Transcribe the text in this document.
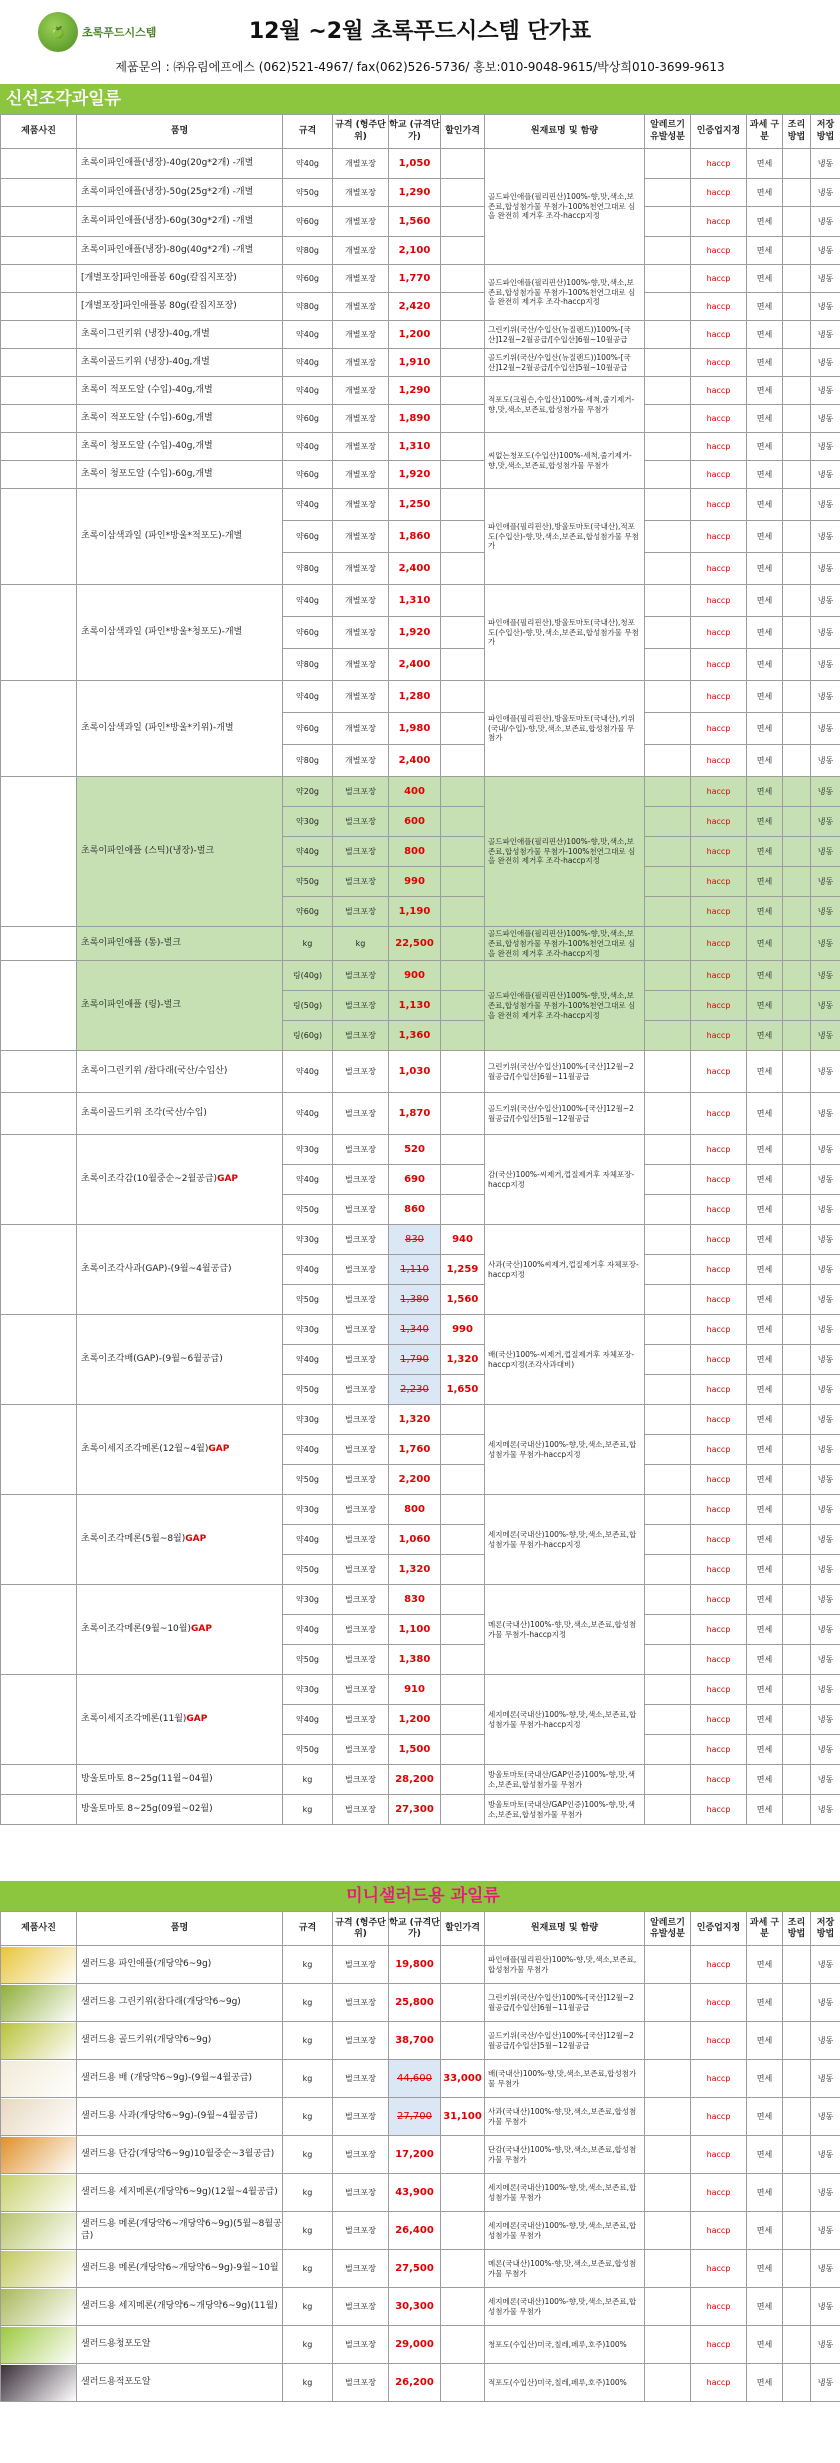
🍏	초록푸드시스템	12월 ~2월 초록푸드시스템 단가표
제품문의 : ㈜유림에프에스 (062)521-4967/ fax(062)526-5736/ 홍보:010-9048-9615/박상희010-3699-9613
신선조각과일류
제품사진	품명	규격	규격 (형주단위)	학교 (규격단가)	할인가격	원재료명 및 함량	알레르기 유발성분	인증업지정	과세 구분	조리 방법	저장 방법

	초록이파인애플(냉장)-40g(20g*2개) -개별	약40g	개별포장	1,050		골드파인애플(필리핀산)100%-향,맛,색소,보존료,합성첨가물 무첨가-100%천연그대로 심을 완전히 제거후 조각-haccp지정		haccp	면세		냉동

	초록이파인애플(냉장)-50g(25g*2개) -개별	약50g	개별포장	1,290				haccp	면세		냉동

	초록이파인애플(냉장)-60g(30g*2개) -개별	약60g	개별포장	1,560				haccp	면세		냉동

	초록이파인애플(냉장)-80g(40g*2개) -개별	약80g	개별포장	2,100				haccp	면세		냉동

	[개별포장]파인애플봉 60g(칼집지포장)	약60g	개별포장	1,770		골드파인애플(필리핀산)100%-향,맛,색소,보존료,합성첨가물 무첨가-100%천연그대로 심을 완전히 제거후 조각-haccp지정		haccp	면세		냉동

	[개별포장]파인애플봉 80g(칼집지포장)	약80g	개별포장	2,420				haccp	면세		냉동

	초록이그린키위 (냉장)-40g,개별	약40g	개별포장	1,200		그린키위(국산/수입산(뉴질랜드))100%-[국산]12월~2월공급/[수입산]6월~10월공급		haccp	면세		냉동

	초록이골드키위 (냉장)-40g,개별	약40g	개별포장	1,910		골드키위(국산/수입산(뉴질랜드))100%-[국산]12월~2월공급/[수입산]5월~10월공급		haccp	면세		냉동

	초록이 적포도알 (수입)-40g,개별	약40g	개별포장	1,290		적포도(크림슨,수입산)100%-세척,줄기제거-향,맛,색소,보존료,합성첨가물 무첨가		haccp	면세		냉동

	초록이 적포도알 (수입)-60g,개별	약60g	개별포장	1,890				haccp	면세		냉동

	초록이 청포도알 (수입)-40g,개별	약40g	개별포장	1,310		씨없는청포도(수입산)100%-세척,줄기제거-향,맛,색소,보존료,합성첨가물 무첨가		haccp	면세		냉동

	초록이 청포도알 (수입)-60g,개별	약60g	개별포장	1,920				haccp	면세		냉동

	초록이삼색과일 (파인*방울*적포도)-개별	약40g	개별포장	1,250		파인애플(필리핀산),방울토마토(국내산),적포도(수입산)-향,맛,색소,보존료,합성첨가물 무첨가		haccp	면세		냉동
		약60g	개별포장	1,860				haccp	면세		냉동
		약80g	개별포장	2,400				haccp	면세		냉동

	초록이삼색과일 (파인*방울*청포도)-개별	약40g	개별포장	1,310		파인애플(필리핀산),방울토마토(국내산),청포도(수입산)-향,맛,색소,보존료,합성첨가물 무첨가		haccp	면세		냉동
		약60g	개별포장	1,920				haccp	면세		냉동
		약80g	개별포장	2,400				haccp	면세		냉동

	초록이삼색과일 (파인*방울*키위)-개별	약40g	개별포장	1,280		파인애플(필리핀산),방울토마토(국내산),키위(국내/수입)-향,맛,색소,보존료,합성첨가물 무첨가		haccp	면세		냉동
		약60g	개별포장	1,980				haccp	면세		냉동
		약80g	개별포장	2,400				haccp	면세		냉동

	초록이파인애플 (스틱)(냉장)-벌크	약20g	벌크포장	400		골드파인애플(필리핀산)100%-향,맛,색소,보존료,합성첨가물 무첨가-100%천연그대로 심을 완전히 제거후 조각-haccp지정		haccp	면세		냉동
		약30g	벌크포장	600				haccp	면세		냉동
		약40g	벌크포장	800				haccp	면세		냉동
		약50g	벌크포장	990				haccp	면세		냉동
		약60g	벌크포장	1,190				haccp	면세		냉동

	초록이파인애플 (통)-벌크	kg	kg	22,500		골드파인애플(필리핀산)100%-향,맛,색소,보존료,합성첨가물 무첨가-100%천연그대로 심을 완전히 제거후 조각-haccp지정		haccp	면세		냉동

	초록이파인애플 (링)-벌크	링(40g)	벌크포장	900		골드파인애플(필리핀산)100%-향,맛,색소,보존료,합성첨가물 무첨가-100%천연그대로 심을 완전히 제거후 조각-haccp지정		haccp	면세		냉동
		링(50g)	벌크포장	1,130				haccp	면세		냉동
		링(60g)	벌크포장	1,360				haccp	면세		냉동

	초록이그린키위 /참다래(국산/수입산)	약40g	벌크포장	1,030		그린키위(국산/수입산)100%-[국산]12월~2월공급/[수입산]6월~11월공급		haccp	면세		냉동

	초록이골드키위 조각(국산/수입)	약40g	벌크포장	1,870		골드키위(국산/수입산)100%-[국산]12월~2월공급/[수입산]5월~12월공급		haccp	면세		냉동

	초록이조각감(10월중순~2월공급)GAP	약30g	벌크포장	520		감(국산)100%-씨제거,껍질제거후 자체포장-haccp지정		haccp	면세		냉동
		약40g	벌크포장	690				haccp	면세		냉동
		약50g	벌크포장	860				haccp	면세		냉동

	초록이조각사과(GAP)-(9월~4월공급)	약30g	벌크포장	830	940	사과(국산)100%씨제거,껍질제거후 자체포장-haccp지정		haccp	면세		냉동
		약40g	벌크포장	1,110	1,259			haccp	면세		냉동
		약50g	벌크포장	1,380	1,560			haccp	면세		냉동

	초록이조각배(GAP)-(9월~6월공급)	약30g	벌크포장	1,340	990	배(국산)100%-씨제거,껍질제거후 자체포장-haccp지정(조각사과대비)		haccp	면세		냉동
		약40g	벌크포장	1,790	1,320			haccp	면세		냉동
		약50g	벌크포장	2,230	1,650			haccp	면세		냉동

	초록이세지조각메론(12월~4월)GAP	약30g	벌크포장	1,320		세지메론(국내산)100%-향,맛,색소,보존료,합성첨가물 무첨가-haccp지정		haccp	면세		냉동
		약40g	벌크포장	1,760				haccp	면세		냉동
		약50g	벌크포장	2,200				haccp	면세		냉동

	초록이조각메론(5월~8월)GAP	약30g	벌크포장	800		세지메론(국내산)100%-향,맛,색소,보존료,합성첨가물 무첨가-haccp지정		haccp	면세		냉동
		약40g	벌크포장	1,060				haccp	면세		냉동
		약50g	벌크포장	1,320				haccp	면세		냉동

	초록이조각메론(9월~10월)GAP	약30g	벌크포장	830		메론(국내산)100%-향,맛,색소,보존료,합성첨가물 무첨가-haccp지정		haccp	면세		냉동
		약40g	벌크포장	1,100				haccp	면세		냉동
		약50g	벌크포장	1,380				haccp	면세		냉동

	초록이세지조각메론(11월)GAP	약30g	벌크포장	910		세지메론(국내산)100%-향,맛,색소,보존료,합성첨가물 무첨가-haccp지정		haccp	면세		냉동
		약40g	벌크포장	1,200				haccp	면세		냉동
		약50g	벌크포장	1,500				haccp	면세		냉동

	방울토마토 8~25g(11월~04월)	kg	벌크포장	28,200		방울토마토(국내산/GAP인증)100%-향,맛,색소,보존료,합성첨가물 무첨가		haccp	면세		냉동

	방울토마토 8~25g(09월~02월)	kg	벌크포장	27,300		방울토마토(국내산/GAP인증)100%-향,맛,색소,보존료,합성첨가물 무첨가		haccp	면세		냉동
미니샐러드용 과일류
제품사진	품명	규격	규격 (형주단위)	학교 (규격단가)	할인가격	원재료명 및 함량	알레르기 유발성분	인증업지정	과세 구분	조리 방법	저장 방법

	샐러드용 파인애플(개당약6~9g)	kg	벌크포장	19,800		파인애플(필리핀산)100%-향,맛,색소,보존료,합성첨가물 무첨가		haccp	면세		냉동

	샐러드용 그린키위(참다래(개당약6~9g)	kg	벌크포장	25,800		그린키위(국산/수입산)100%-[국산]12월~2월공급/[수입산]6월~11월공급		haccp	면세		냉동

	샐러드용 골드키위(개당약6~9g)	kg	벌크포장	38,700		골드키위(국산/수입산)100%-[국산]12월~2월공급/[수입산]5월~12월공급		haccp	면세		냉동

	샐러드용 배 (개당약6~9g)-(9월~4월공급)	kg	벌크포장	44,600	33,000	배(국내산)100%-향,맛,색소,보존료,합성첨가물 무첨가		haccp	면세		냉동

	샐러드용 사과(개당약6~9g)-(9월~4월공급)	kg	벌크포장	27,700	31,100	사과(국내산)100%-향,맛,색소,보존료,합성첨가물 무첨가		haccp	면세		냉동

	샐러드용 단감(개당약6~9g)10월중순~3월공급)	kg	벌크포장	17,200		단감(국내산)100%-향,맛,색소,보존료,합성첨가물 무첨가		haccp	면세		냉동

	샐러드용 세지메론(개당약6~9g)(12월~4월공급)	kg	벌크포장	43,900		세지메론(국내산)100%-향,맛,색소,보존료,합성첨가물 무첨가		haccp	면세		냉동

	샐러드용 메론(개당약6~개당약6~9g)(5월~8월공급)	kg	벌크포장	26,400		세지메론(국내산)100%-향,맛,색소,보존료,합성첨가물 무첨가		haccp	면세		냉동

	샐러드용 메론(개당약6~개당약6~9g)-9월~10월	kg	벌크포장	27,500		메론(국내산)100%-향,맛,색소,보존료,합성첨가물 무첨가		haccp	면세		냉동

	샐러드용 세지메론(개당약6~개당약6~9g)(11월)	kg	벌크포장	30,300		세지메론(국내산)100%-향,맛,색소,보존료,합성첨가물 무첨가		haccp	면세		냉동

	샐러드용청포도알	kg	벌크포장	29,000		청포도(수입산)미국,칠레,페루,호주)100%		haccp	면세		냉동

	샐러드용적포도알	kg	벌크포장	26,200		적포도(수입산)미국,칠레,페루,호주)100%		haccp	면세		냉동
